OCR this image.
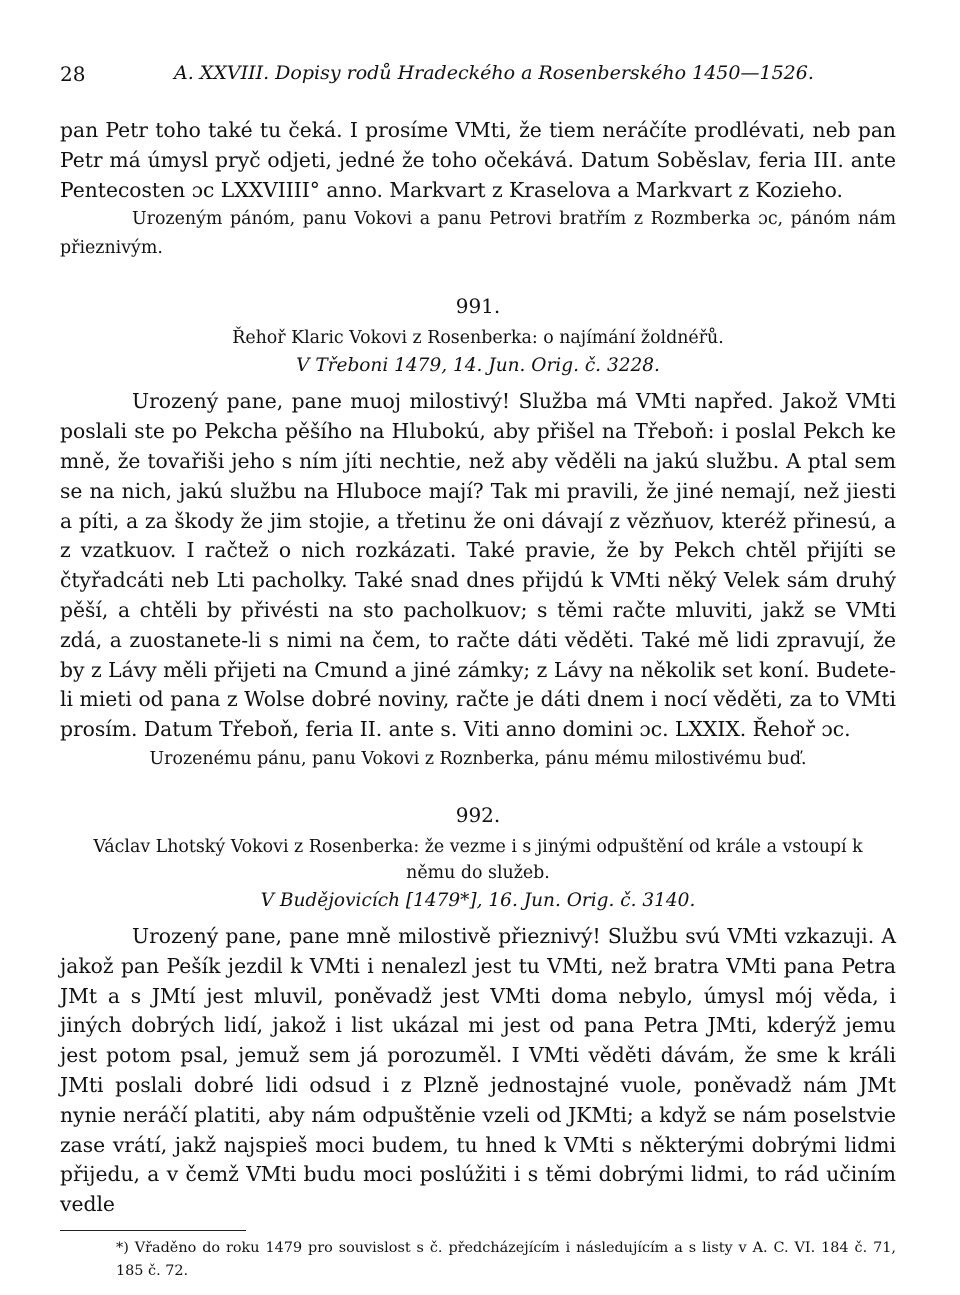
28	A. XXVIII. Dopisy rodů Hradeckého a Rosenberského 1450—1526.

pan Petr toho také tu čeká. I prosíme VMti, že tiem neráčíte prodlévati, neb pan Petr má úmysl pryč odjeti, jedné že toho očekává. Datum Soběslav, feria III. ante Pentecosten ɔc LXXVIIII° anno. Markvart z Kraselova a Markvart z Kozieho.

Urozeným pánóm, panu Vokovi a panu Petrovi bratřím z Rozmberka ɔc, pánóm nám přieznivým.

991.
Řehoř Klaric Vokovi z Rosenberka: o najímání žoldnéřů.
V Třeboni 1479, 14. Jun. Orig. č. 3228.

Urozený pane, pane muoj milostivý! Služba má VMti napřed. Jakož VMti poslali ste po Pekcha pěšího na Hlubokú, aby přišel na Třeboň: i poslal Pekch ke mně, že tovařiši jeho s ním jíti nechtie, než aby věděli na jakú službu. A ptal sem se na nich, jakú službu na Hluboce mají? Tak mi pravili, že jiné nemají, než jiesti a píti, a za škody že jim stojie, a třetinu že oni dávají z vězňuov, kteréž přinesú, a z vzatkuov. I račtež o nich rozkázati. Také pravie, že by Pekch chtěl přijíti se čtyřadcáti neb Lti pacholky. Také snad dnes přijdú k VMti něký Velek sám druhý pěší, a chtěli by přivésti na sto pacholkuov; s těmi račte mluviti, jakž se VMti zdá, a zuostanete-li s nimi na čem, to račte dáti věděti. Také mě lidi zpravují, že by z Lávy měli přijeti na Cmund a jiné zámky; z Lávy na několik set koní. Budete-li mieti od pana z Wolse dobré noviny, račte je dáti dnem i nocí věděti, za to VMti prosím. Datum Třeboň, feria II. ante s. Viti anno domini ɔc. LXXIX. Řehoř ɔc.

Urozenému pánu, panu Vokovi z Roznberka, pánu mému milostivému buď.

992.
Václav Lhotský Vokovi z Rosenberka: že vezme i s jinými odpuštění od krále a vstoupí k němu do služeb.
V Budějovicích [1479*], 16. Jun. Orig. č. 3140.

Urozený pane, pane mně milostivě přieznivý! Službu svú VMti vzkazuji. A jakož pan Pešík jezdil k VMti i nenalezl jest tu VMti, než bratra VMti pana Petra JMt a s JMtí jest mluvil, poněvadž jest VMti doma nebylo, úmysl mój věda, i jiných dobrých lidí, jakož i list ukázal mi jest od pana Petra JMti, kderýž jemu jest potom psal, jemuž sem já porozuměl. I VMti věděti dávám, že sme k králi JMti poslali dobré lidi odsud i z Plzně jednostajné vuole, poněvadž nám JMt nynie neráčí platiti, aby nám odpuštěnie vzeli od JKMti; a když se nám poselstvie zase vrátí, jakž najspieš moci budem, tu hned k VMti s některými dobrými lidmi přijedu, a v čemž VMti budu moci poslúžiti i s těmi dobrými lidmi, to rád učiním vedle

*) Vřaděno do roku 1479 pro souvislost s č. předcházejícím i následujícím a s listy v A. C. VI. 184 č. 71, 185 č. 72.
